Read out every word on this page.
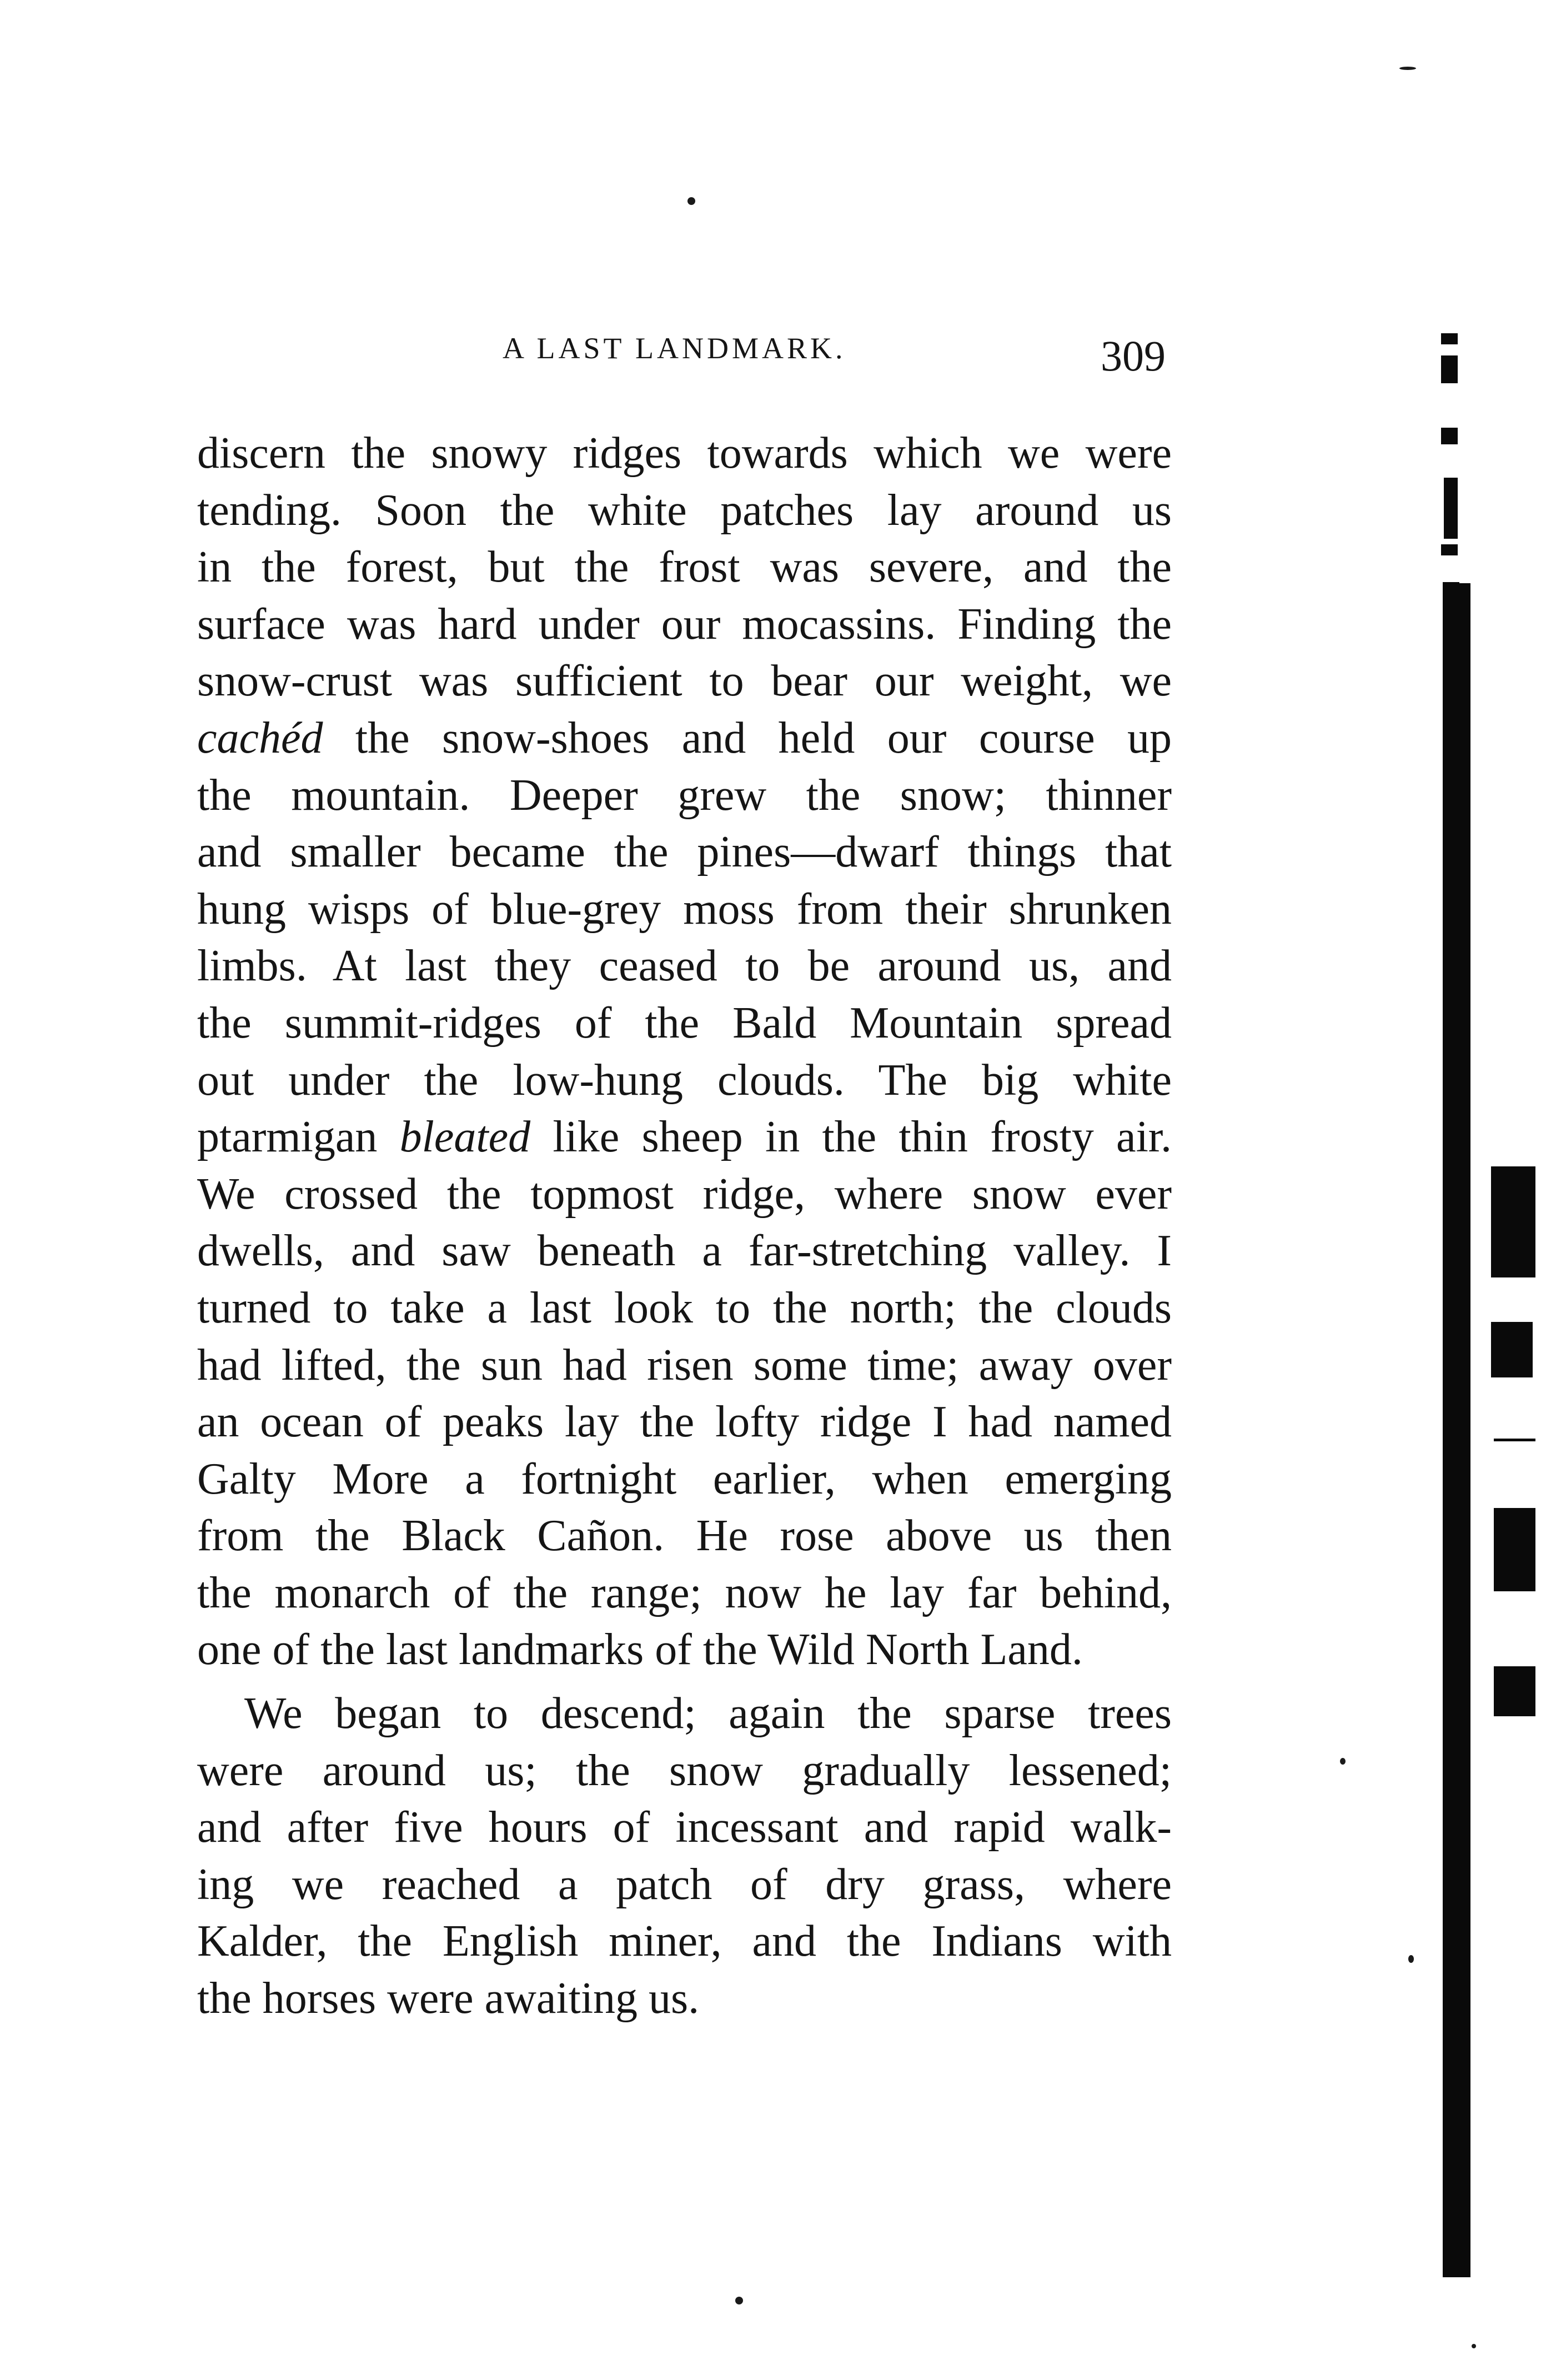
A LAST LANDMARK.	309
discern the snowy ridges towards which we were
tending. Soon the white patches lay around us
in the forest, but the frost was severe, and the
surface was hard under our mocassins. Finding the
snow-crust was sufficient to bear our weight, we
cachéd the snow-shoes and held our course up
the mountain. Deeper grew the snow; thinner
and smaller became the pines—dwarf things that
hung wisps of blue-grey moss from their shrunken
limbs. At last they ceased to be around us, and
the summit-ridges of the Bald Mountain spread
out under the low-hung clouds. The big white
ptarmigan bleated like sheep in the thin frosty air.
We crossed the topmost ridge, where snow ever
dwells, and saw beneath a far-stretching valley. I
turned to take a last look to the north; the clouds
had lifted, the sun had risen some time; away over
an ocean of peaks lay the lofty ridge I had named
Galty More a fortnight earlier, when emerging
from the Black Cañon. He rose above us then
the monarch of the range; now he lay far behind,
one of the last landmarks of the Wild North Land.
We began to descend; again the sparse trees
were around us; the snow gradually lessened;
and after five hours of incessant and rapid walk-
ing we reached a patch of dry grass, where
Kalder, the English miner, and the Indians with
the horses were awaiting us.
